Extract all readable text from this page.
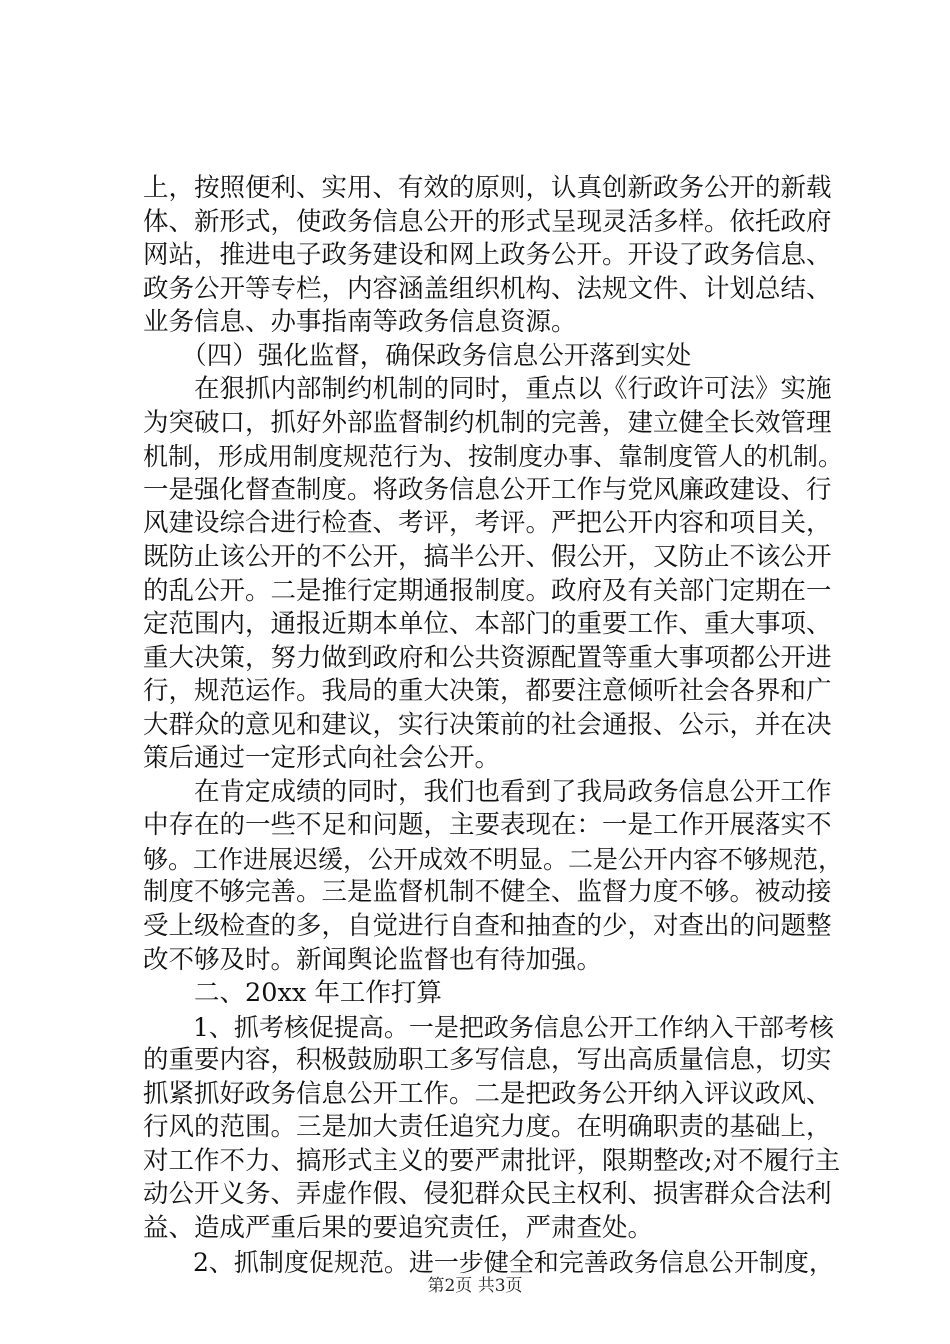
上，按照便利、实用、有效的原则，认真创新政务公开的新载
体、新形式，使政务信息公开的形式呈现灵活多样。依托政府
网站，推进电子政务建设和网上政务公开。开设了政务信息、
政务公开等专栏，内容涵盖组织机构、法规文件、计划总结、
业务信息、办事指南等政务信息资源。
　　（四）强化监督，确保政务信息公开落到实处
　　在狠抓内部制约机制的同时，重点以《行政许可法》实施
为突破口，抓好外部监督制约机制的完善，建立健全长效管理
机制，形成用制度规范行为、按制度办事、靠制度管人的机制。
一是强化督查制度。将政务信息公开工作与党风廉政建设、行
风建设综合进行检查、考评，考评。严把公开内容和项目关，
既防止该公开的不公开，搞半公开、假公开，又防止不该公开
的乱公开。二是推行定期通报制度。政府及有关部门定期在一
定范围内，通报近期本单位、本部门的重要工作、重大事项、
重大决策，努力做到政府和公共资源配置等重大事项都公开进
行，规范运作。我局的重大决策，都要注意倾听社会各界和广
大群众的意见和建议，实行决策前的社会通报、公示，并在决
策后通过一定形式向社会公开。
　　在肯定成绩的同时，我们也看到了我局政务信息公开工作
中存在的一些不足和问题，主要表现在：一是工作开展落实不
够。工作进展迟缓，公开成效不明显。二是公开内容不够规范，
制度不够完善。三是监督机制不健全、监督力度不够。被动接
受上级检查的多，自觉进行自查和抽查的少，对查出的问题整
改不够及时。新闻舆论监督也有待加强。
　　二、20xx 年工作打算
　　1、抓考核促提高。一是把政务信息公开工作纳入干部考核
的重要内容，积极鼓励职工多写信息，写出高质量信息，切实
抓紧抓好政务信息公开工作。二是把政务公开纳入评议政风、
行风的范围。三是加大责任追究力度。在明确职责的基础上，
对工作不力、搞形式主义的要严肃批评，限期整改;对不履行主
动公开义务、弄虚作假、侵犯群众民主权利、损害群众合法利
益、造成严重后果的要追究责任，严肃查处。
　　2、抓制度促规范。进一步健全和完善政务信息公开制度，
第2页 共3页
